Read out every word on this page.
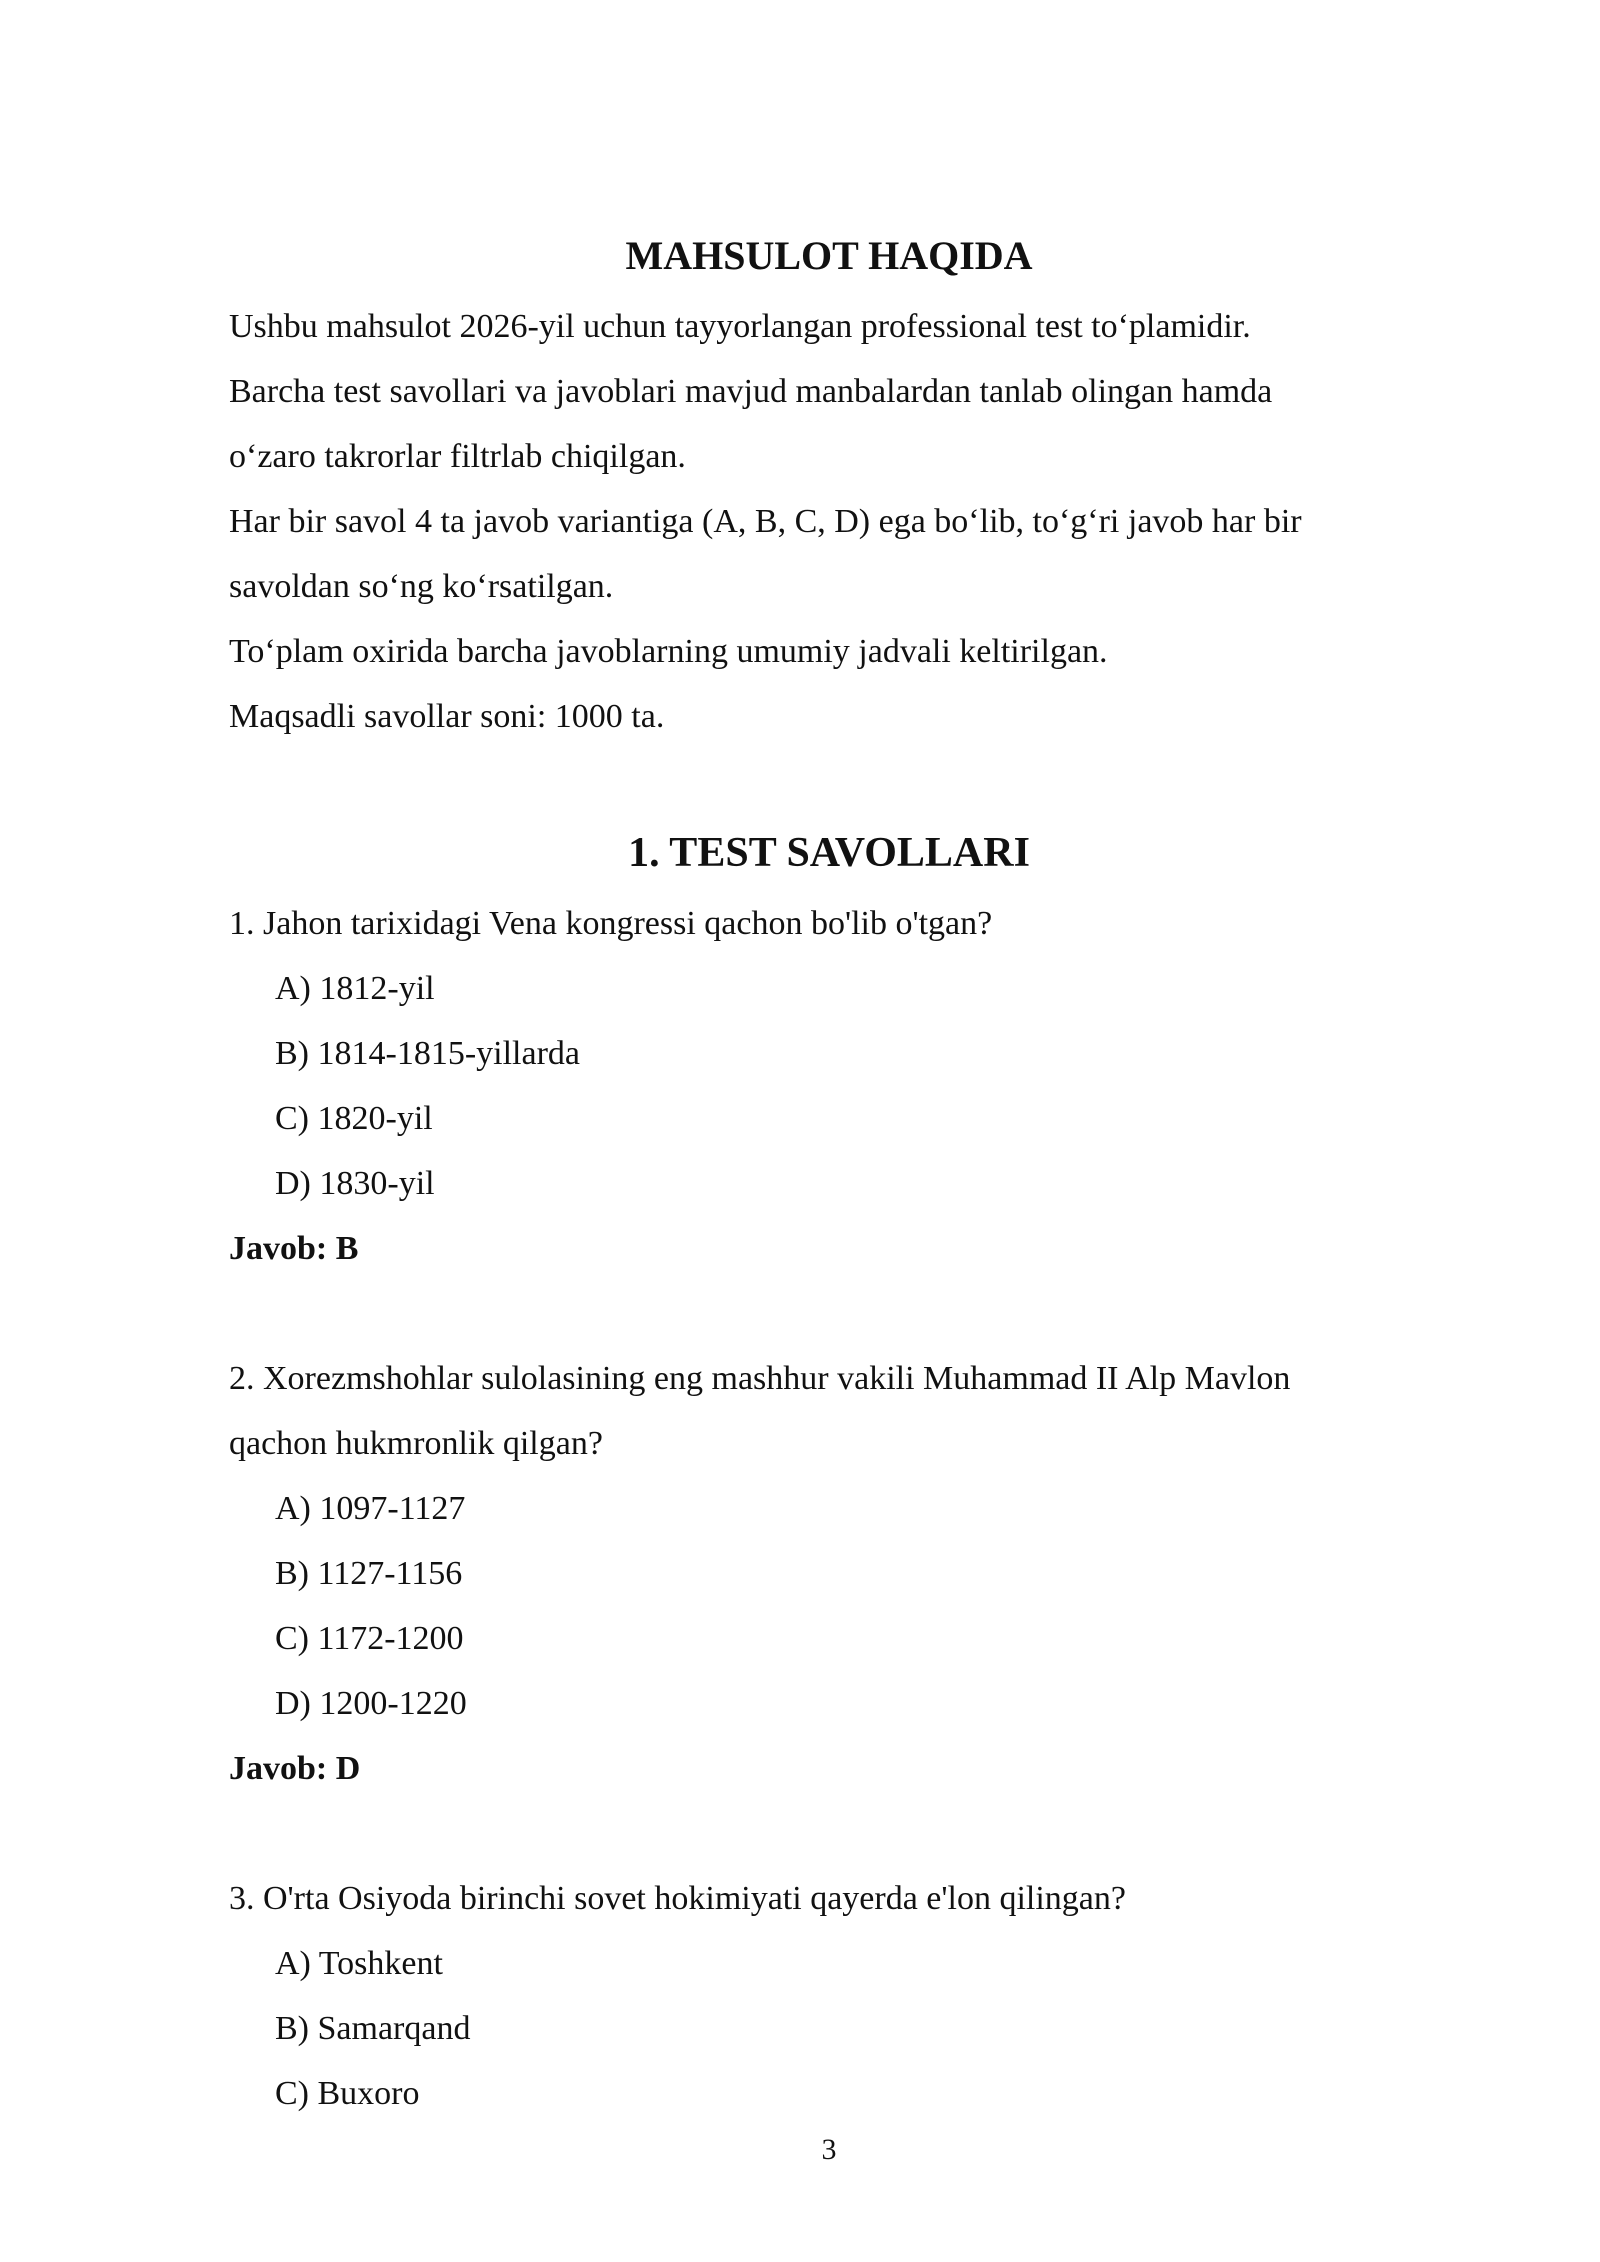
MAHSULOT HAQIDA

Ushbu mahsulot 2026-yil uchun tayyorlangan professional test to‘plamidir.

Barcha test savollari va javoblari mavjud manbalardan tanlab olingan hamda

o‘zaro takrorlar filtrlab chiqilgan.

Har bir savol 4 ta javob variantiga (A, B, C, D) ega bo‘lib, to‘g‘ri javob har bir

savoldan so‘ng ko‘rsatilgan.

To‘plam oxirida barcha javoblarning umumiy jadvali keltirilgan.

Maqsadli savollar soni: 1000 ta.

1. TEST SAVOLLARI

1. Jahon tarixidagi Vena kongressi qachon bo'lib o'tgan?

A) 1812-yil

B) 1814-1815-yillarda

C) 1820-yil

D) 1830-yil

Javob: B

2. Xorezmshohlar sulolasining eng mashhur vakili Muhammad II Alp Mavlon

qachon hukmronlik qilgan?

A) 1097-1127

B) 1127-1156

C) 1172-1200

D) 1200-1220

Javob: D

3. O'rta Osiyoda birinchi sovet hokimiyati qayerda e'lon qilingan?

A) Toshkent

B) Samarqand

C) Buxoro

3
